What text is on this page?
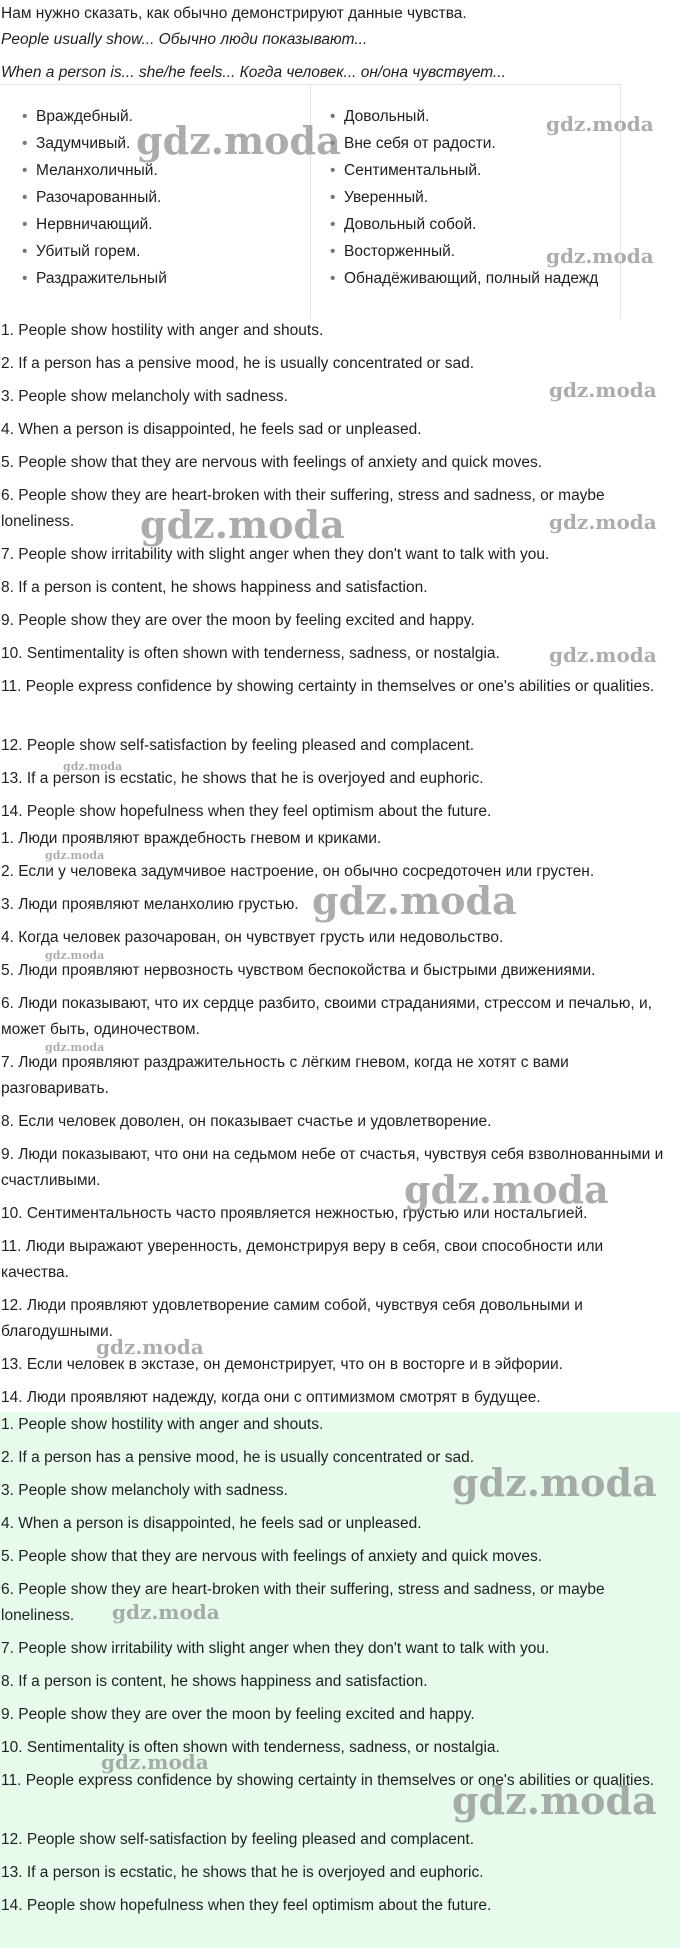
Нам нужно сказать, как обычно демонстрируют данные чувства.

People usually show... Обычно люди показывают...

When a person is... she/he feels... Когда человек... он/она чувствует...

• Враждебный.
• Задумчивый.
• Меланхоличный.
• Разочарованный.
• Нервничающий.
• Убитый горем.
• Раздражительный
• Довольный.
• Вне себя от радости.
• Сентиментальный.
• Уверенный.
• Довольный собой.
• Восторженный.
• Обнадёживающий, полный надежд

1. People show hostility with anger and shouts.

2. If a person has a pensive mood, he is usually concentrated or sad.

3. People show melancholy with sadness.

4. When a person is disappointed, he feels sad or unpleased.

5. People show that they are nervous with feelings of anxiety and quick moves.

6. People show they are heart-broken with their suffering, stress and sadness, or maybe loneliness.

7. People show irritability with slight anger when they don't want to talk with you.

8. If a person is content, he shows happiness and satisfaction.

9. People show they are over the moon by feeling excited and happy.

10. Sentimentality is often shown with tenderness, sadness, or nostalgia.

11. People express confidence by showing certainty in themselves or one's abilities or qualities.

12. People show self-satisfaction by feeling pleased and complacent.

13. If a person is ecstatic, he shows that he is overjoyed and euphoric.

14. People show hopefulness when they feel optimism about the future.

1. Люди проявляют враждебность гневом и криками.

2. Если у человека задумчивое настроение, он обычно сосредоточен или грустен.

3. Люди проявляют меланхолию грустью.

4. Когда человек разочарован, он чувствует грусть или недовольство.

5. Люди проявляют нервозность чувством беспокойства и быстрыми движениями.

6. Люди показывают, что их сердце разбито, своими страданиями, стрессом и печалью, и, может быть, одиночеством.

7. Люди проявляют раздражительность с лёгким гневом, когда не хотят с вами разговаривать.

8. Если человек доволен, он показывает счастье и удовлетворение.

9. Люди показывают, что они на седьмом небе от счастья, чувствуя себя взволнованными и счастливыми.

10. Сентиментальность часто проявляется нежностью, грустью или ностальгией.

11. Люди выражают уверенность, демонстрируя веру в себя, свои способности или качества.

12. Люди проявляют удовлетворение самим собой, чувствуя себя довольными и благодушными.

13. Если человек в экстазе, он демонстрирует, что он в восторге и в эйфории.

14. Люди проявляют надежду, когда они с оптимизмом смотрят в будущее.

1. People show hostility with anger and shouts.

2. If a person has a pensive mood, he is usually concentrated or sad.

3. People show melancholy with sadness.

4. When a person is disappointed, he feels sad or unpleased.

5. People show that they are nervous with feelings of anxiety and quick moves.

6. People show they are heart-broken with their suffering, stress and sadness, or maybe loneliness.

7. People show irritability with slight anger when they don't want to talk with you.

8. If a person is content, he shows happiness and satisfaction.

9. People show they are over the moon by feeling excited and happy.

10. Sentimentality is often shown with tenderness, sadness, or nostalgia.

11. People express confidence by showing certainty in themselves or one's abilities or qualities.

12. People show self-satisfaction by feeling pleased and complacent.

13. If a person is ecstatic, he shows that he is overjoyed and euphoric.

14. People show hopefulness when they feel optimism about the future.

gdz.moda	gdz.moda
gdz.moda
gdz.moda
gdz.moda	gdz.moda
gdz.moda
gdz.moda
gdz.moda
gdz.moda
gdz.moda
gdz.moda
gdz.moda
gdz.moda
gdz.moda
gdz.moda
gdz.moda
gdz.moda
